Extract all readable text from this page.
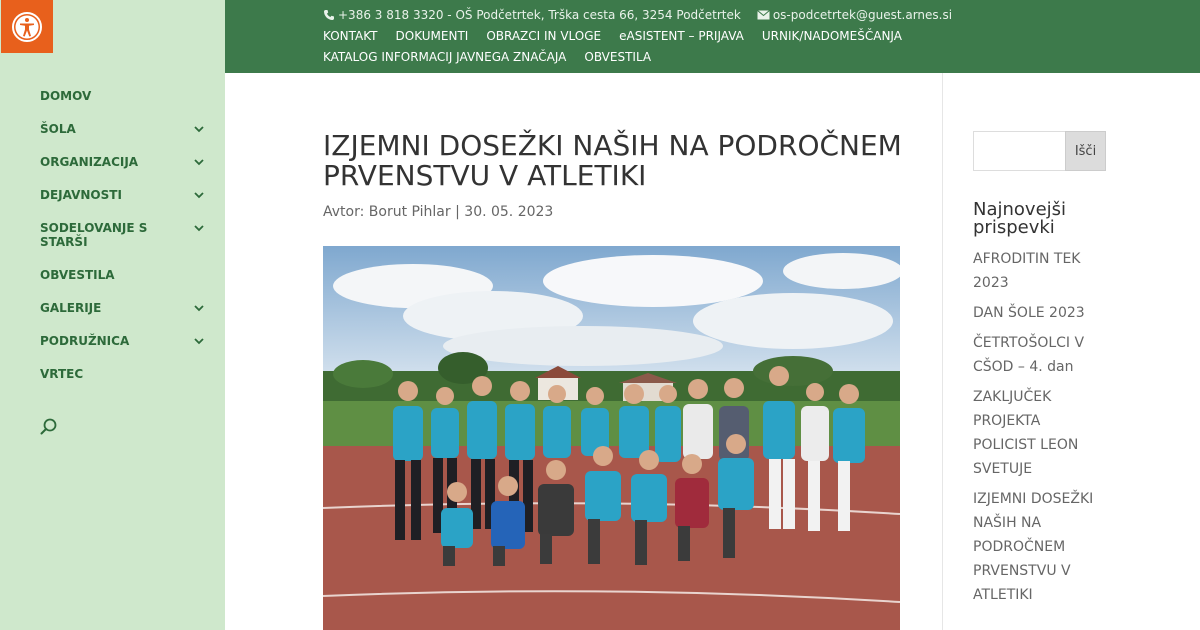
DOMOV
ŠOLA
ORGANIZACIJA
DEJAVNOSTI
SODELOVANJE S STARŠI
OBVESTILA
GALERIJE
PODRUŽNICA
VRTEC
+386 3 818 3320 - OŠ Podčetrtek, Trška cesta 66, 3254 Podčetrtek	os-podcetrtek@guest.arnes.si
KONTAKT DOKUMENTI OBRAZCI IN VLOGE eASISTENT – PRIJAVA URNIK/NADOMEŠČANJA
KATALOG INFORMACIJ JAVNEGA ZNAČAJA OBVESTILA
IZJEMNI DOSEŽKI NAŠIH NA PODROČNEM PRVENSTVU V ATLETIKI
Avtor: Borut Pihlar | 30. 05. 2023
Išči
Najnovejši prispevki
AFRODITIN TEK 2023
DAN ŠOLE 2023
ČETRTOŠOLCI V CŠOD – 4. dan
ZAKLJUČEK PROJEKTA POLICIST LEON SVETUJE
IZJEMNI DOSEŽKI NAŠIH NA PODROČNEM PRVENSTVU V ATLETIKI
